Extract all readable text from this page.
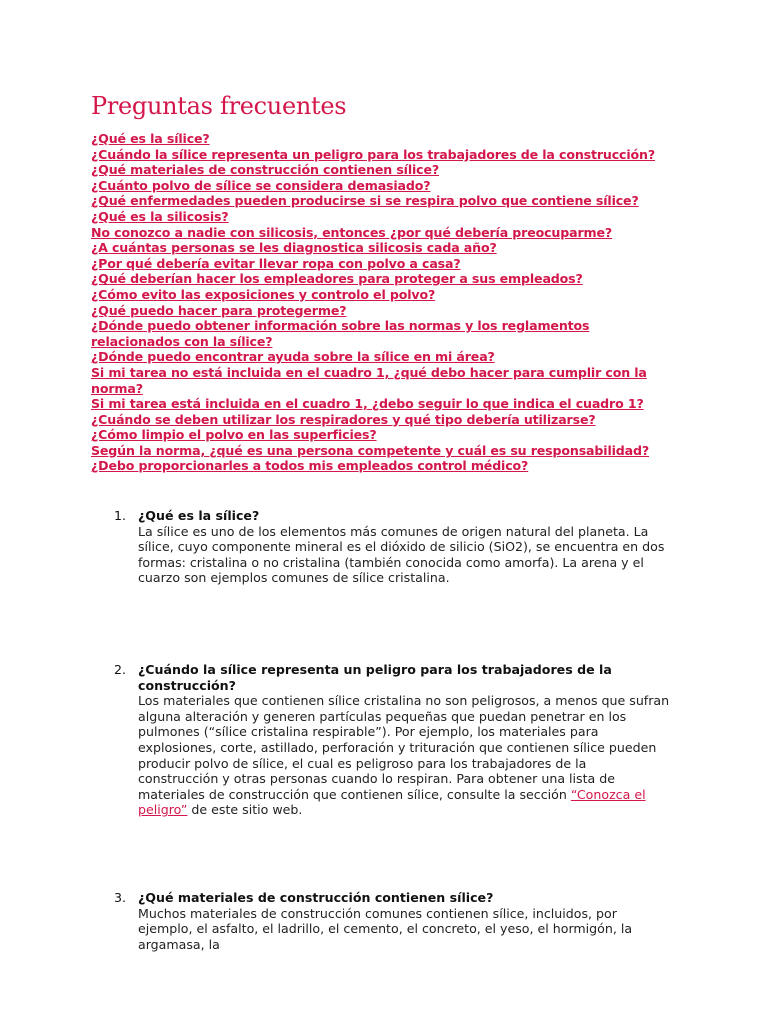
Preguntas frecuentes
¿Qué es la sílice?
¿Cuándo la sílice representa un peligro para los trabajadores de la construcción?
¿Qué materiales de construcción contienen sílice?
¿Cuánto polvo de sílice se considera demasiado?
¿Qué enfermedades pueden producirse si se respira polvo que contiene sílice?
¿Qué es la silicosis?
No conozco a nadie con silicosis, entonces ¿por qué debería preocuparme?
¿A cuántas personas se les diagnostica silicosis cada año?
¿Por qué debería evitar llevar ropa con polvo a casa?
¿Qué deberían hacer los empleadores para proteger a sus empleados?
¿Cómo evito las exposiciones y controlo el polvo?
¿Qué puedo hacer para protegerme?
¿Dónde puedo obtener información sobre las normas y los reglamentos relacionados con la sílice?
¿Dónde puedo encontrar ayuda sobre la sílice en mi área?
Si mi tarea no está incluida en el cuadro 1, ¿qué debo hacer para cumplir con la norma?
Si mi tarea está incluida en el cuadro 1, ¿debo seguir lo que indica el cuadro 1?
¿Cuándo se deben utilizar los respiradores y qué tipo debería utilizarse?
¿Cómo limpio el polvo en las superficies?
Según la norma, ¿qué es una persona competente y cuál es su responsabilidad?
¿Debo proporcionarles a todos mis empleados control médico?
1. ¿Qué es la sílice?

La sílice es uno de los elementos más comunes de origen natural del planeta. La sílice, cuyo componente mineral es el dióxido de silicio (SiO2), se encuentra en dos formas: cristalina o no cristalina (también conocida como amorfa). La arena y el cuarzo son ejemplos comunes de sílice cristalina.

2. ¿Cuándo la sílice representa un peligro para los trabajadores de la construcción?

Los materiales que contienen sílice cristalina no son peligrosos, a menos que sufran alguna alteración y generen partículas pequeñas que puedan penetrar en los pulmones (“sílice cristalina respirable”). Por ejemplo, los materiales para explosiones, corte, astillado, perforación y trituración que contienen sílice pueden producir polvo de sílice, el cual es peligroso para los trabajadores de la construcción y otras personas cuando lo respiran. Para obtener una lista de materiales de construcción que contienen sílice, consulte la sección “Conozca el peligro” de este sitio web.

3. ¿Qué materiales de construcción contienen sílice?

Muchos materiales de construcción comunes contienen sílice, incluidos, por ejemplo, el asfalto, el ladrillo, el cemento, el concreto, el yeso, el hormigón, la argamasa, la
